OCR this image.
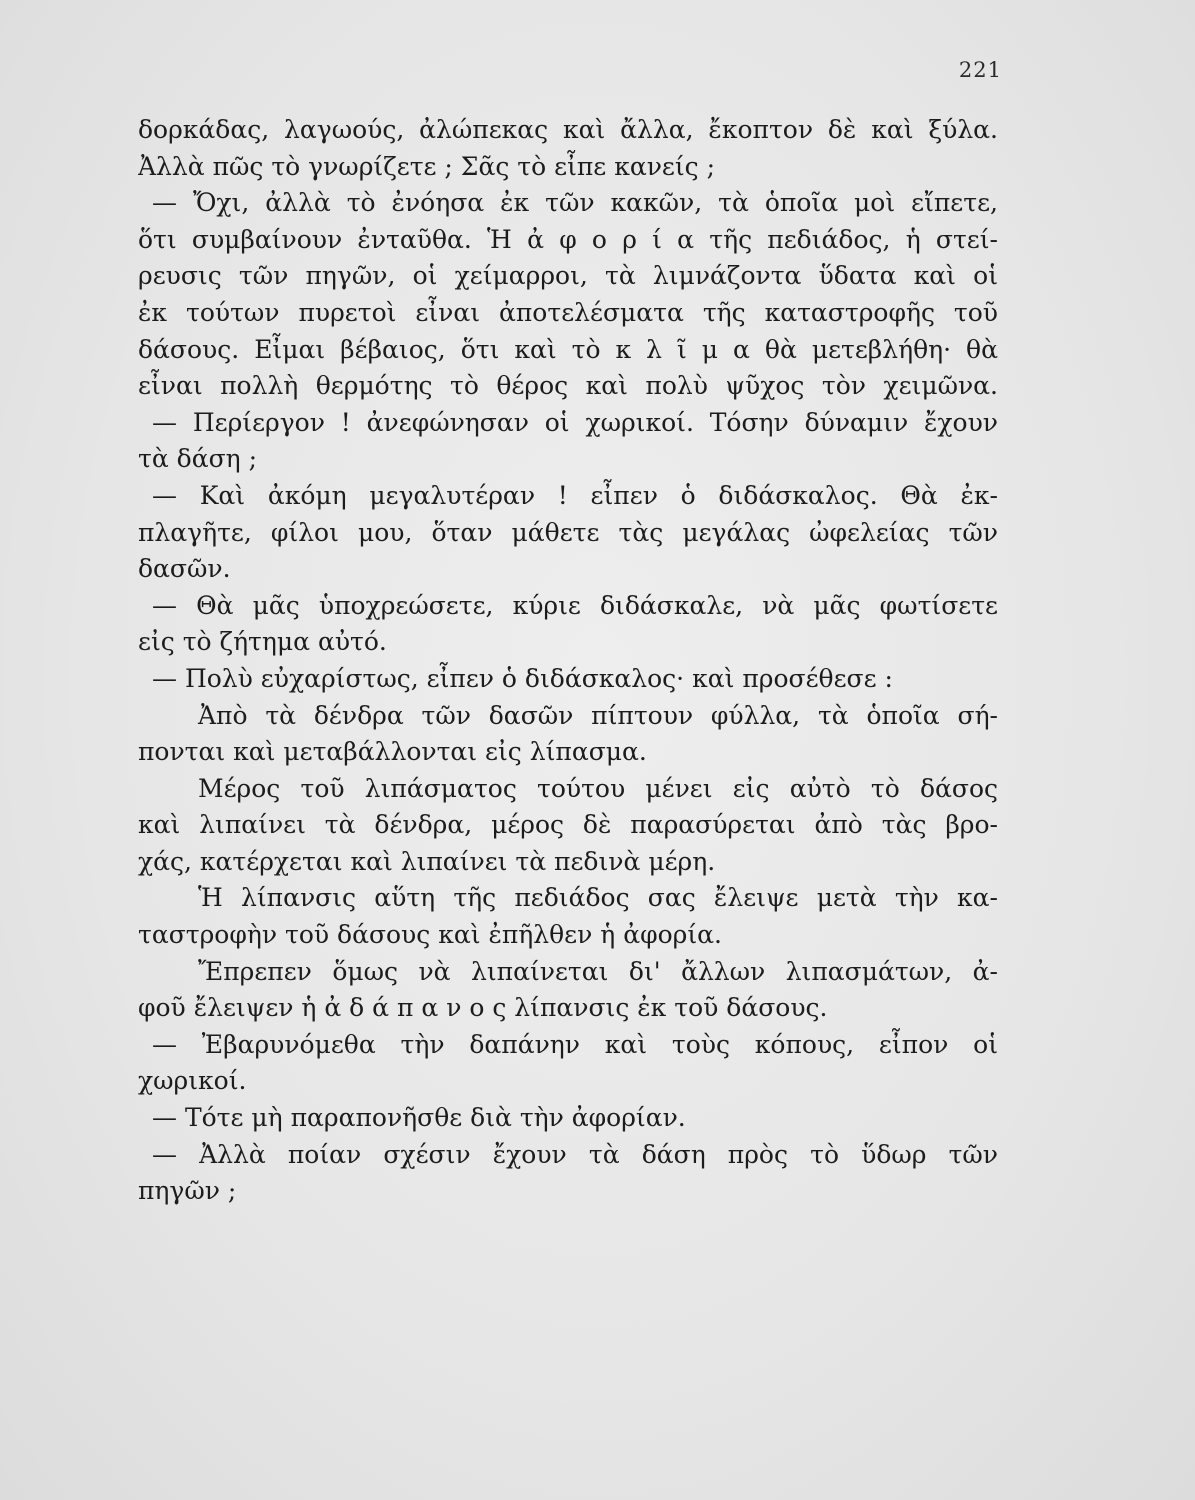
221
δορκάδας, λαγωούς, ἀλώπεκας καὶ ἄλλα, ἔκοπτον δὲ καὶ ξύλα.
Ἀλλὰ πῶς τὸ γνωρίζετε ; Σᾶς τὸ εἶπε κανείς ;
— Ὄχι, ἀλλὰ τὸ ἐνόησα ἐκ τῶν κακῶν, τὰ ὁποῖα μοὶ εἴπετε,
ὅτι συμβαίνουν ἐνταῦθα. Ἡ ἀ φ ο ρ ί α τῆς πεδιάδος, ἡ στεί-
ρευσις τῶν πηγῶν, οἱ χείμαρροι, τὰ λιμνάζοντα ὕδατα καὶ οἱ
ἐκ τούτων πυρετοὶ εἶναι ἀποτελέσματα τῆς καταστροφῆς τοῦ
δάσους. Εἶμαι βέβαιος, ὅτι καὶ τὸ κ λ ῖ μ α θὰ μετεβλήθη· θὰ
εἶναι πολλὴ θερμότης τὸ θέρος καὶ πολὺ ψῦχος τὸν χειμῶνα.
— Περίεργον ! ἀνεφώνησαν οἱ χωρικοί. Τόσην δύναμιν ἔχουν
τὰ δάση ;
— Καὶ ἀκόμη μεγαλυτέραν ! εἶπεν ὁ διδάσκαλος. Θὰ ἐκ-
πλαγῆτε, φίλοι μου, ὅταν μάθετε τὰς μεγάλας ὠφελείας τῶν
δασῶν.
— Θὰ μᾶς ὑποχρεώσετε, κύριε διδάσκαλε, νὰ μᾶς φωτίσετε
εἰς τὸ ζήτημα αὐτό.
— Πολὺ εὐχαρίστως, εἶπεν ὁ διδάσκαλος· καὶ προσέθεσε :
Ἀπὸ τὰ δένδρα τῶν δασῶν πίπτουν φύλλα, τὰ ὁποῖα σή-
πονται καὶ μεταβάλλονται εἰς λίπασμα.
Μέρος τοῦ λιπάσματος τούτου μένει εἰς αὐτὸ τὸ δάσος
καὶ λιπαίνει τὰ δένδρα, μέρος δὲ παρασύρεται ἀπὸ τὰς βρο-
χάς, κατέρχεται καὶ λιπαίνει τὰ πεδινὰ μέρη.
Ἡ λίπανσις αὕτη τῆς πεδιάδος σας ἔλειψε μετὰ τὴν κα-
ταστροφὴν τοῦ δάσους καὶ ἐπῆλθεν ἡ ἀφορία.
Ἔπρεπεν ὅμως νὰ λιπαίνεται δι' ἄλλων λιπασμάτων, ἀ-
φοῦ ἔλειψεν ἡ ἀ δ ά π α ν ο ς λίπανσις ἐκ τοῦ δάσους.
— Ἐβαρυνόμεθα τὴν δαπάνην καὶ τοὺς κόπους, εἶπον οἱ
χωρικοί.
— Τότε μὴ παραπονῆσθε διὰ τὴν ἀφορίαν.
— Ἀλλὰ ποίαν σχέσιν ἔχουν τὰ δάση πρὸς τὸ ὕδωρ τῶν
πηγῶν ;
